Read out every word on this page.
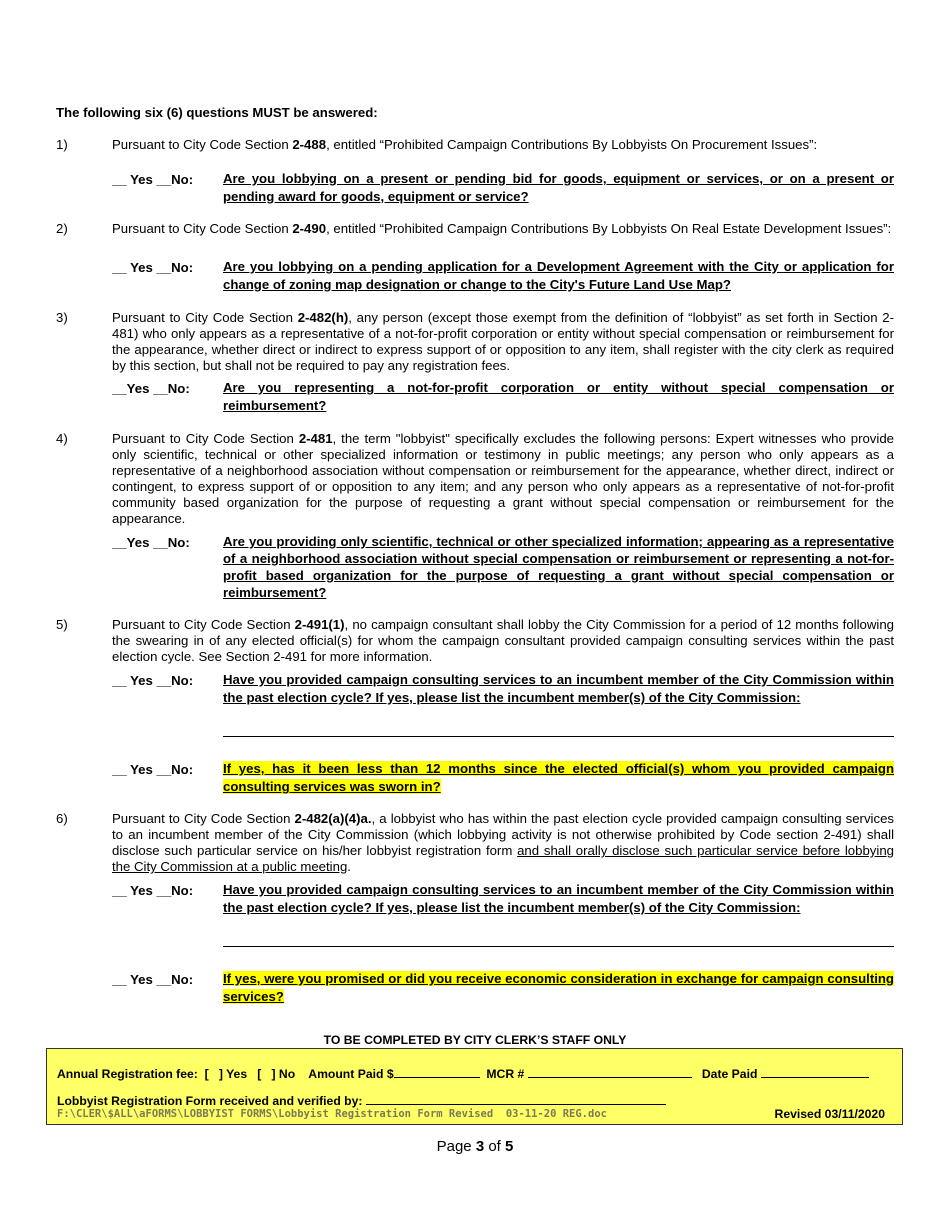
The following six (6) questions MUST be answered:
1)	Pursuant to City Code Section 2-488, entitled “Prohibited Campaign Contributions By Lobbyists On Procurement Issues”:
__ Yes __No:	Are you lobbying on a present or pending bid for goods, equipment or services, or on a present or pending award for goods, equipment or service?
2)	Pursuant to City Code Section 2-490, entitled “Prohibited Campaign Contributions By Lobbyists On Real Estate Development Issues”:
__ Yes __No:	Are you lobbying on a pending application for a Development Agreement with the City or application for change of zoning map designation or change to the City's Future Land Use Map?
3)	Pursuant to City Code Section 2-482(h), any person (except those exempt from the definition of “lobbyist” as set forth in Section 2-481) who only appears as a representative of a not-for-profit corporation or entity without special compensation or reimbursement for the appearance, whether direct or indirect to express support of or opposition to any item, shall register with the city clerk as required by this section, but shall not be required to pay any registration fees.
__Yes __No:	Are you representing a not-for-profit corporation or entity without special compensation or reimbursement?
4)	Pursuant to City Code Section 2-481, the term "lobbyist" specifically excludes the following persons: Expert witnesses who provide only scientific, technical or other specialized information or testimony in public meetings; any person who only appears as a representative of a neighborhood association without compensation or reimbursement for the appearance, whether direct, indirect or contingent, to express support of or opposition to any item; and any person who only appears as a representative of not-for-profit community based organization for the purpose of requesting a grant without special compensation or reimbursement for the appearance.
__Yes __No:	Are you providing only scientific, technical or other specialized information; appearing as a representative of a neighborhood association without special compensation or reimbursement or representing a not-for-profit based organization for the purpose of requesting a grant without special compensation or reimbursement?
5)	Pursuant to City Code Section 2-491(1), no campaign consultant shall lobby the City Commission for a period of 12 months following the swearing in of any elected official(s) for whom the campaign consultant provided campaign consulting services within the past election cycle. See Section 2-491 for more information.
__ Yes __No:	Have you provided campaign consulting services to an incumbent member of the City Commission within the past election cycle? If yes, please list the incumbent member(s) of the City Commission:
__ Yes __No:	If yes, has it been less than 12 months since the elected official(s) whom you provided campaign consulting services was sworn in?
6)	Pursuant to City Code Section 2-482(a)(4)a., a lobbyist who has within the past election cycle provided campaign consulting services to an incumbent member of the City Commission (which lobbying activity is not otherwise prohibited by Code section 2-491) shall disclose such particular service on his/her lobbyist registration form and shall orally disclose such particular service before lobbying the City Commission at a public meeting.
__ Yes __No:	Have you provided campaign consulting services to an incumbent member of the City Commission within the past election cycle? If yes, please list the incumbent member(s) of the City Commission:
__ Yes __No:	If yes, were you promised or did you receive economic consideration in exchange for campaign consulting services?
TO BE COMPLETED BY CITY CLERK’S STAFF ONLY
Annual Registration fee: [   ] Yes [   ] No Amount Paid $	MCR #	Date Paid
Lobbyist Registration Form received and verified by:
F:\CLER\$ALL\aFORMS\LOBBYIST FORMS\Lobbyist Registration Form Revised  03-11-20 REG.doc	Revised 03/11/2020
Page 3 of 5
